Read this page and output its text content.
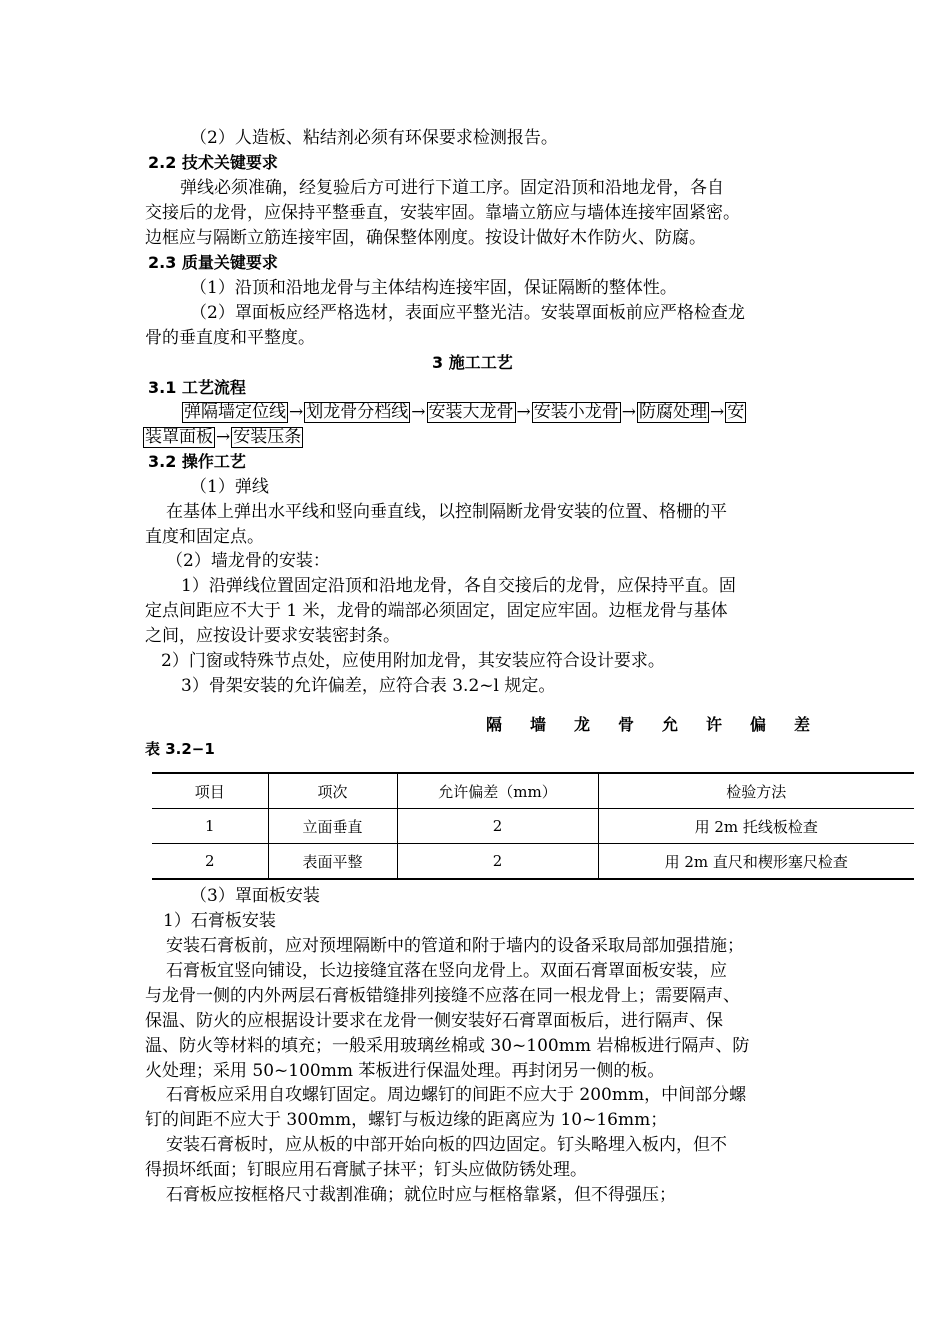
（2）人造板、粘结剂必须有环保要求检测报告。
2.2 技术关键要求
弹线必须准确，经复验后方可进行下道工序。固定沿顶和沿地龙骨，各自
交接后的龙骨，应保持平整垂直，安装牢固。靠墙立筋应与墙体连接牢固紧密。
边框应与隔断立筋连接牢固，确保整体刚度。按设计做好木作防火、防腐。
2.3 质量关键要求
（1）沿顶和沿地龙骨与主体结构连接牢固，保证隔断的整体性。
（2）罩面板应经严格选材，表面应平整光洁。安装罩面板前应严格检查龙
骨的垂直度和平整度。
3 施工工艺
3.1 工艺流程
弹隔墙定位线 → 划龙骨分档线 → 安装大龙骨 → 安装小龙骨 → 防腐处理 → 安
装罩面板 → 安装压条
3.2 操作工艺
（1）弹线
在基体上弹出水平线和竖向垂直线，以控制隔断龙骨安装的位置、格栅的平
直度和固定点。
（2）墙龙骨的安装：
1）沿弹线位置固定沿顶和沿地龙骨，各自交接后的龙骨，应保持平直。固
定点间距应不大于 1 米，龙骨的端部必须固定，固定应牢固。边框龙骨与基体
之间，应按设计要求安装密封条。
2）门窗或特殊节点处，应使用附加龙骨，其安装应符合设计要求。
3）骨架安装的允许偏差，应符合表 3.2~l 规定。
隔墙龙骨允许偏差
表 3.2−1
项目	项次	允许偏差（mm）	检验方法
1	立面垂直	2	用 2m 托线板检查
2	表面平整	2	用 2m 直尺和楔形塞尺检查
（3）罩面板安装
1）石膏板安装
安装石膏板前，应对预埋隔断中的管道和附于墙内的设备采取局部加强措施；
石膏板宜竖向铺设，长边接缝宜落在竖向龙骨上。双面石膏罩面板安装，应
与龙骨一侧的内外两层石膏板错缝排列接缝不应落在同一根龙骨上；需要隔声、
保温、防火的应根据设计要求在龙骨一侧安装好石膏罩面板后，进行隔声、保
温、防火等材料的填充；一般采用玻璃丝棉或 30~100mm 岩棉板进行隔声、防
火处理；采用 50~100mm 苯板进行保温处理。再封闭另一侧的板。
石膏板应采用自攻螺钉固定。周边螺钉的间距不应大于 200mm，中间部分螺
钉的间距不应大于 300mm，螺钉与板边缘的距离应为 10~16mm；
安装石膏板时，应从板的中部开始向板的四边固定。钉头略埋入板内，但不
得损坏纸面；钉眼应用石膏腻子抹平；钉头应做防锈处理。
石膏板应按框格尺寸裁割准确；就位时应与框格靠紧，但不得强压；
